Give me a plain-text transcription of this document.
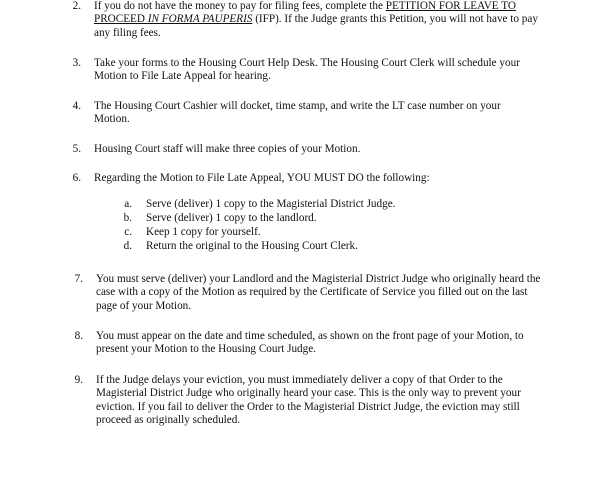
2. If you do not have the money to pay for filing fees, complete the PETITION FOR LEAVE TO PROCEED IN FORMA PAUPERIS (IFP). If the Judge grants this Petition, you will not have to pay any filing fees.
3. Take your forms to the Housing Court Help Desk. The Housing Court Clerk will schedule your Motion to File Late Appeal for hearing.
4. The Housing Court Cashier will docket, time stamp, and write the LT case number on your Motion.
5. Housing Court staff will make three copies of your Motion.
6. Regarding the Motion to File Late Appeal, YOU MUST DO the following:
a. Serve (deliver) 1 copy to the Magisterial District Judge.
b. Serve (deliver) 1 copy to the landlord.
c. Keep 1 copy for yourself.
d. Return the original to the Housing Court Clerk.
7. You must serve (deliver) your Landlord and the Magisterial District Judge who originally heard the case with a copy of the Motion as required by the Certificate of Service you filled out on the last page of your Motion.
8. You must appear on the date and time scheduled, as shown on the front page of your Motion, to present your Motion to the Housing Court Judge.
9. If the Judge delays your eviction, you must immediately deliver a copy of that Order to the Magisterial District Judge who originally heard your case. This is the only way to prevent your eviction. If you fail to deliver the Order to the Magisterial District Judge, the eviction may still proceed as originally scheduled.
